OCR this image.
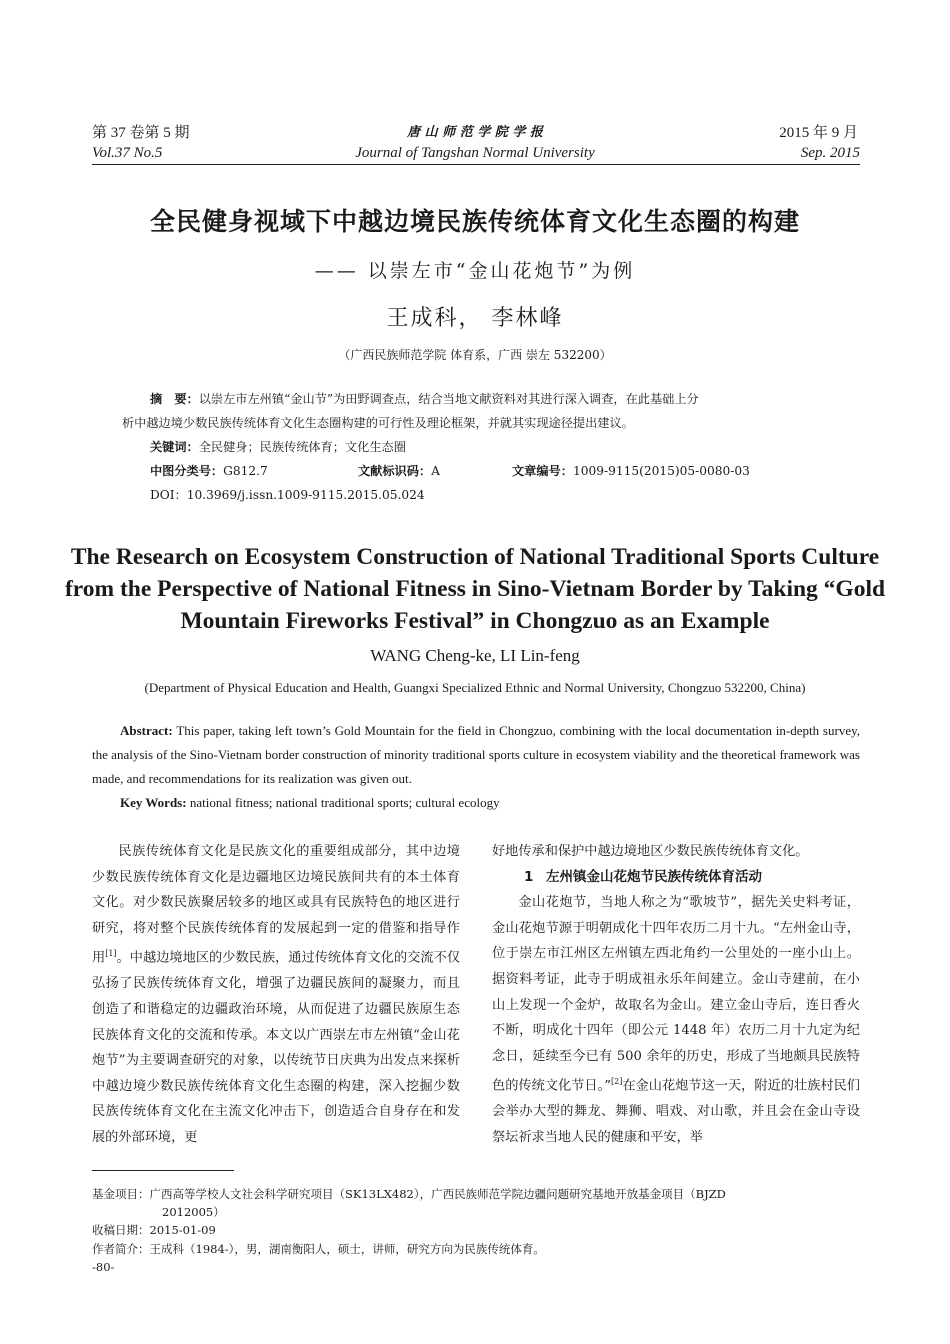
第 37 卷第 5 期	唐 山 师 范 学 院 学 报	2015 年 9 月
Vol.37 No.5	Journal of Tangshan Normal University	Sep. 2015
全民健身视域下中越边境民族传统体育文化生态圈的构建
—— 以崇左市“金山花炮节”为例
王成科， 李林峰
（广西民族师范学院 体育系，广西 崇左 532200）
摘　要：以崇左市左州镇“金山节”为田野调查点，结合当地文献资料对其进行深入调查，在此基础上分
析中越边境少数民族传统体育文化生态圈构建的可行性及理论框架，并就其实现途径提出建议。
关键词：全民健身；民族传统体育；文化生态圈
中图分类号：G812.7	文献标识码：A	文章编号：1009-9115(2015)05-0080-03
DOI：10.3969/j.issn.1009-9115.2015.05.024
The Research on Ecosystem Construction of National Traditional Sports Culture from the Perspective of National Fitness in Sino-Vietnam Border by Taking “Gold Mountain Fireworks Festival” in Chongzuo as an Example
WANG Cheng-ke, LI Lin-feng
(Department of Physical Education and Health, Guangxi Specialized Ethnic and Normal University, Chongzuo 532200, China)
Abstract: This paper, taking left town’s Gold Mountain for the field in Chongzuo, combining with the local documentation in-depth survey, the analysis of the Sino-Vietnam border construction of minority traditional sports culture in ecosystem viability and the theoretical framework was made, and recommendations for its realization was given out.
Key Words: national fitness; national traditional sports; cultural ecology

民族传统体育文化是民族文化的重要组成部分，其中边境少数民族传统体育文化是边疆地区边境民族间共有的本土体育文化。对少数民族聚居较多的地区或具有民族特色的地区进行研究，将对整个民族传统体育的发展起到一定的借鉴和指导作用[1]。中越边境地区的少数民族，通过传统体育文化的交流不仅弘扬了民族传统体育文化，增强了边疆民族间的凝聚力，而且创造了和谐稳定的边疆政治环境，从而促进了边疆民族原生态民族体育文化的交流和传承。本文以广西崇左市左州镇“金山花炮节”为主要调查研究的对象，以传统节日庆典为出发点来探析中越边境少数民族传统体育文化生态圈的构建，深入挖掘少数民族传统体育文化在主流文化冲击下，创造适合自身存在和发展的外部环境，更

好地传承和保护中越边境地区少数民族传统体育文化。

1 左州镇金山花炮节民族传统体育活动

金山花炮节，当地人称之为“歌坡节”，据先关史料考证，金山花炮节源于明朝成化十四年农历二月十九。“左州金山寺，位于崇左市江州区左州镇左西北角约一公里处的一座小山上。据资料考证，此寺于明成祖永乐年间建立。金山寺建前，在小山上发现一个金炉，故取名为金山。建立金山寺后，连日香火不断，明成化十四年（即公元 1448 年）农历二月十九定为纪念日，延续至今已有 500 余年的历史，形成了当地颇具民族特色的传统文化节日。”[2]在金山花炮节这一天，附近的壮族村民们会举办大型的舞龙、舞狮、唱戏、对山歌，并且会在金山寺设祭坛祈求当地人民的健康和平安，举

基金项目：广西高等学校人文社会科学研究项目（SK13LX482），广西民族师范学院边疆问题研究基地开放基金项目（BJZD
2012005）
收稿日期：2015-01-09
作者简介：王成科（1984-），男，湖南衡阳人，硕士，讲师，研究方向为民族传统体育。
-80-
